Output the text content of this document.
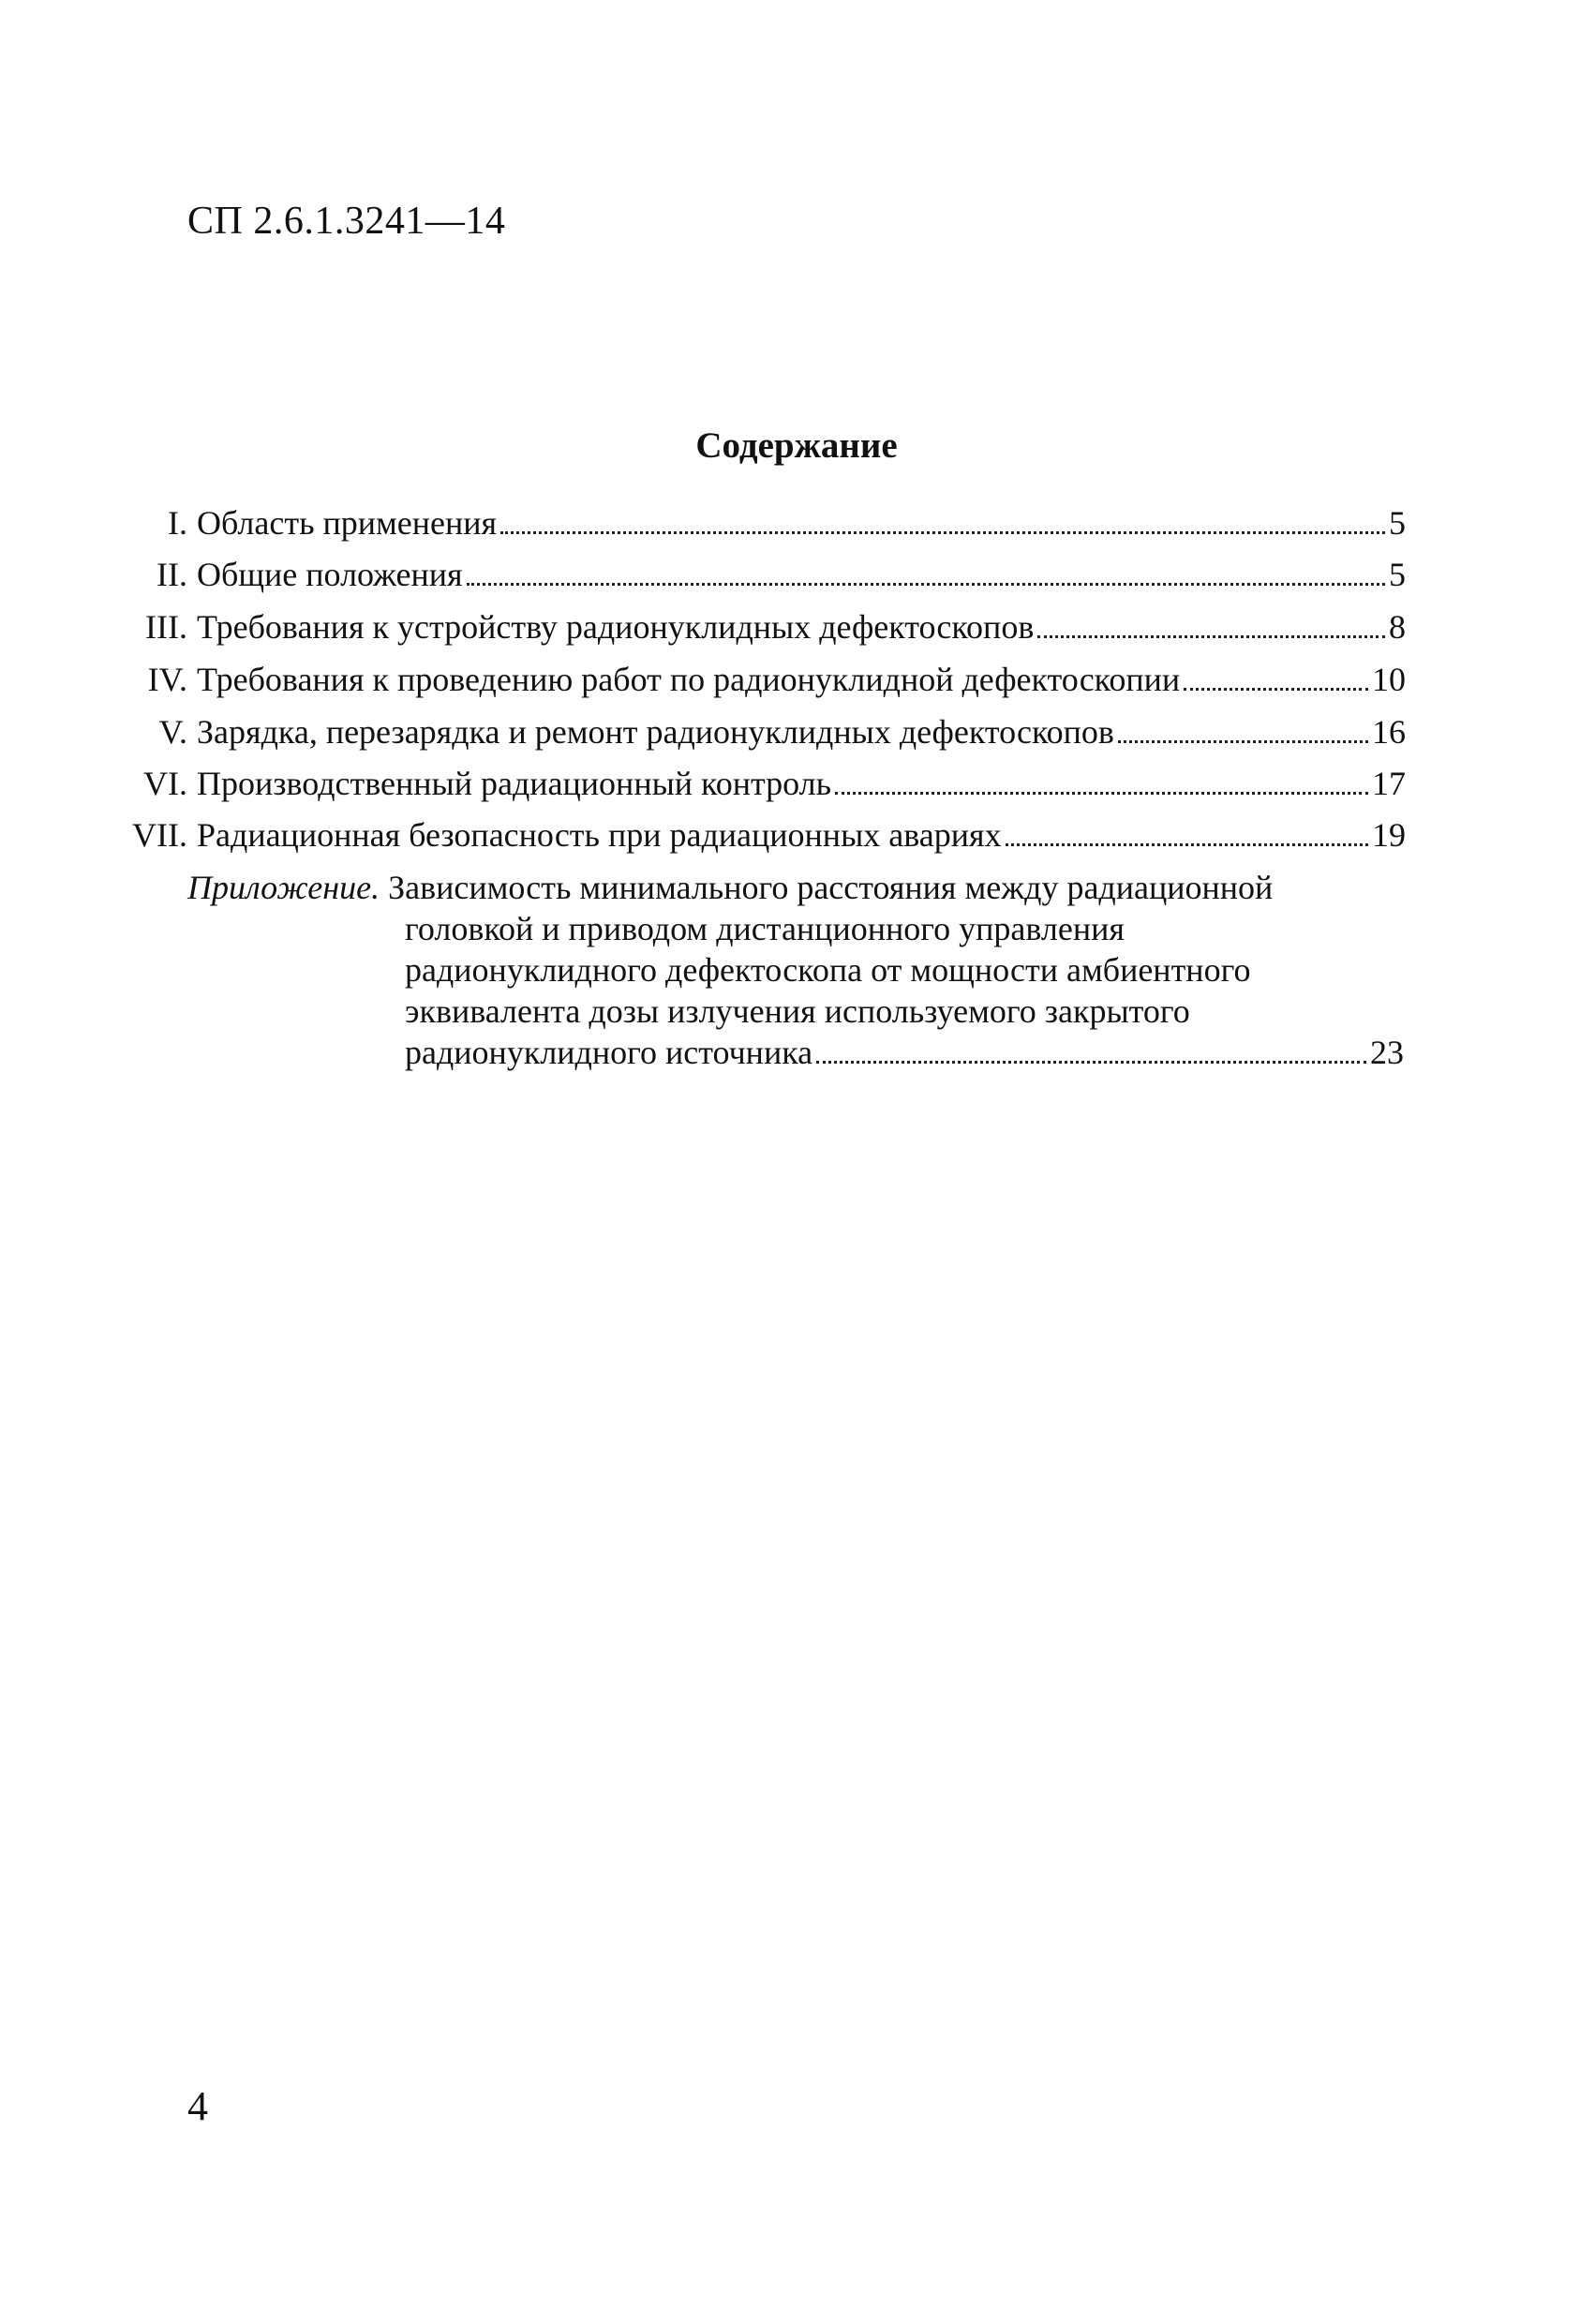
СП 2.6.1.3241—14
Содержание
I. Область применения	5
II. Общие положения	5
III. Требования к устройству радионуклидных дефектоскопов	8
IV. Требования к проведению работ по радионуклидной дефектоскопии	10
V. Зарядка, перезарядка и ремонт радионуклидных дефектоскопов	16
VI. Производственный радиационный контроль	17
VII. Радиационная безопасность при радиационных авариях	19
Приложение. Зависимость минимального расстояния между радиационной
головкой и приводом дистанционного управления
радионуклидного дефектоскопа от мощности амбиентного
эквивалента дозы излучения используемого закрытого
радионуклидного источника	23
4
